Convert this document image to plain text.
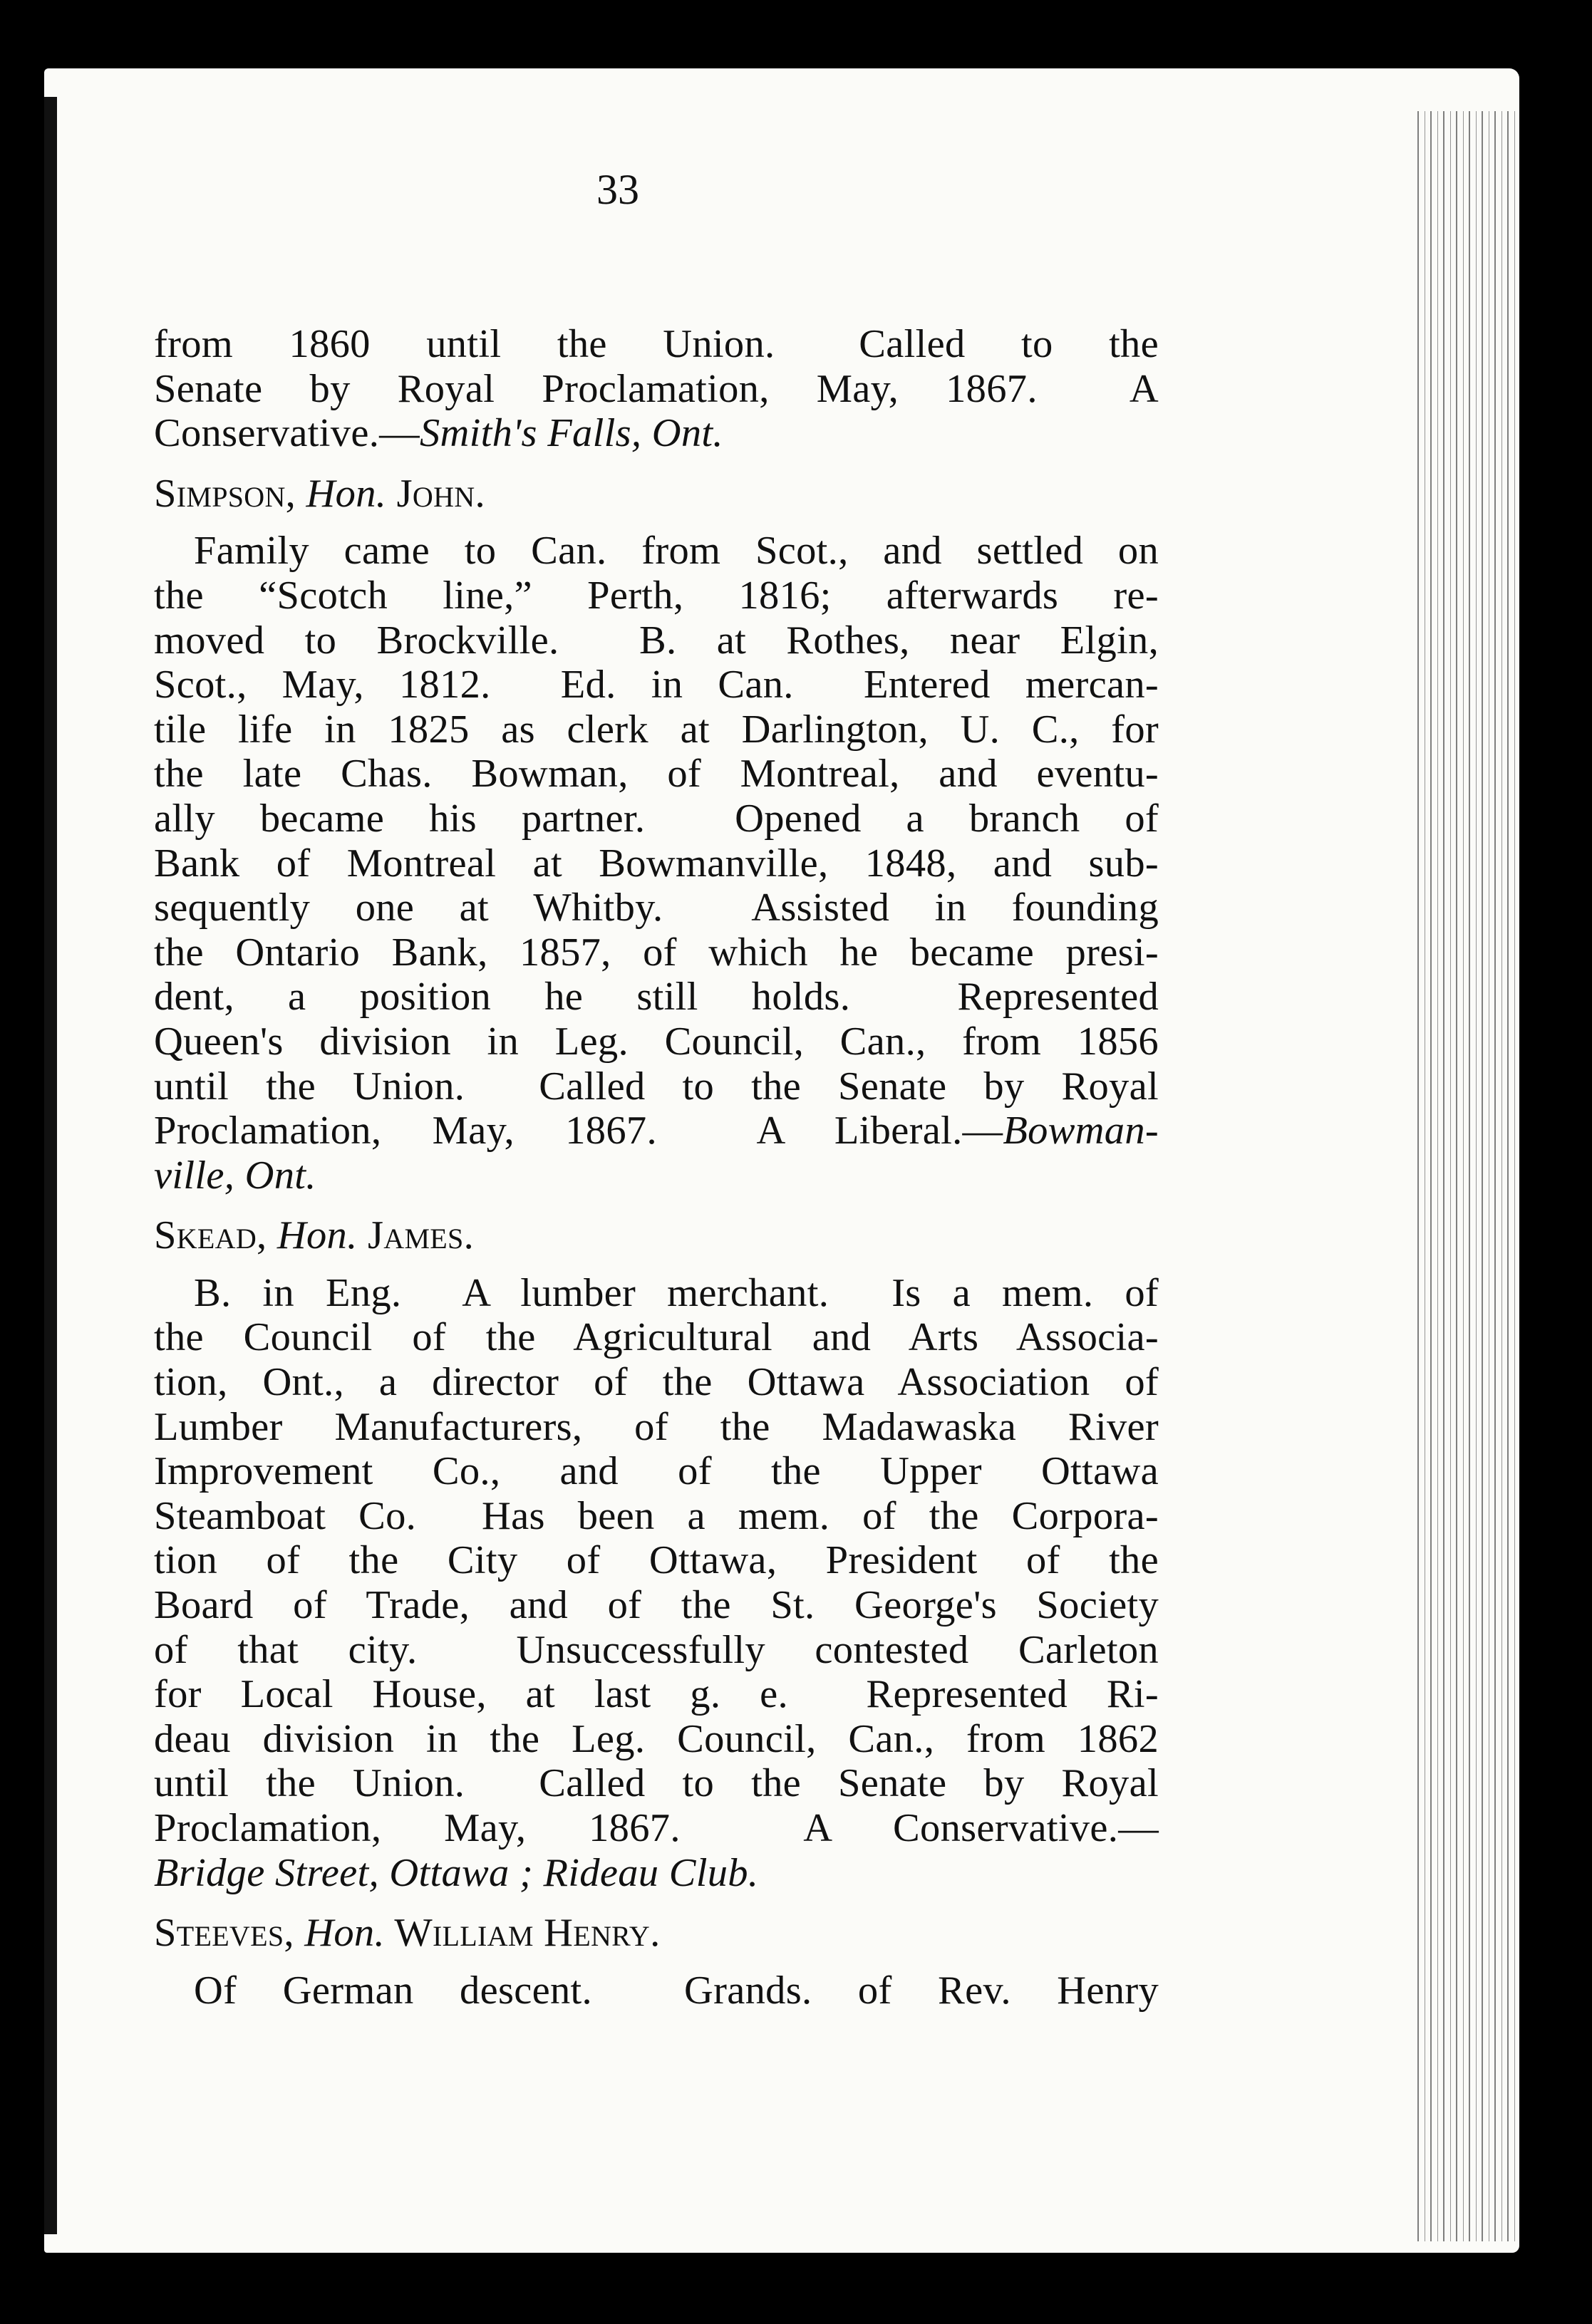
33
from  1860  until  the  Union.   Called  to  the
Senate by Royal Proclamation, May, 1867.  A
Conservative.—Smith's Falls, Ont.
Simpson, Hon. John.
Family came to Can. from Scot., and settled on
the “Scotch line,” Perth, 1816; afterwards re-
moved to Brockville.  B. at Rothes, near Elgin,
Scot., May, 1812.  Ed. in Can.  Entered mercan-
tile life in 1825 as clerk at Darlington, U. C., for
the late Chas. Bowman, of Montreal, and eventu-
ally became his partner.  Opened a branch of
Bank of Montreal at Bowmanville, 1848, and sub-
sequently one at Whitby.  Assisted in founding
the Ontario Bank, 1857, of which he became presi-
dent, a position he still holds.  Represented
Queen's division in Leg. Council, Can., from 1856
until the Union.  Called to the Senate by Royal
Proclamation, May, 1867.  A Liberal.—Bowman-
ville, Ont.
Skead, Hon. James.
B. in Eng.  A lumber merchant.  Is a mem. of
the Council of the Agricultural and Arts Associa-
tion, Ont., a director of the Ottawa Association of
Lumber Manufacturers, of the Madawaska River
Improvement Co., and of the Upper Ottawa
Steamboat Co.  Has been a mem. of the Corpora-
tion of the City of Ottawa, President of the
Board of Trade, and of the St. George's Society
of that city.  Unsuccessfully contested Carleton
for Local House, at last g. e.  Represented Ri-
deau division in the Leg. Council, Can., from 1862
until the Union.  Called to the Senate by Royal
Proclamation, May, 1867.  A Conservative.—
Bridge Street, Ottawa ; Rideau Club.
Steeves, Hon. William Henry.
Of German descent.  Grands. of Rev. Henry
